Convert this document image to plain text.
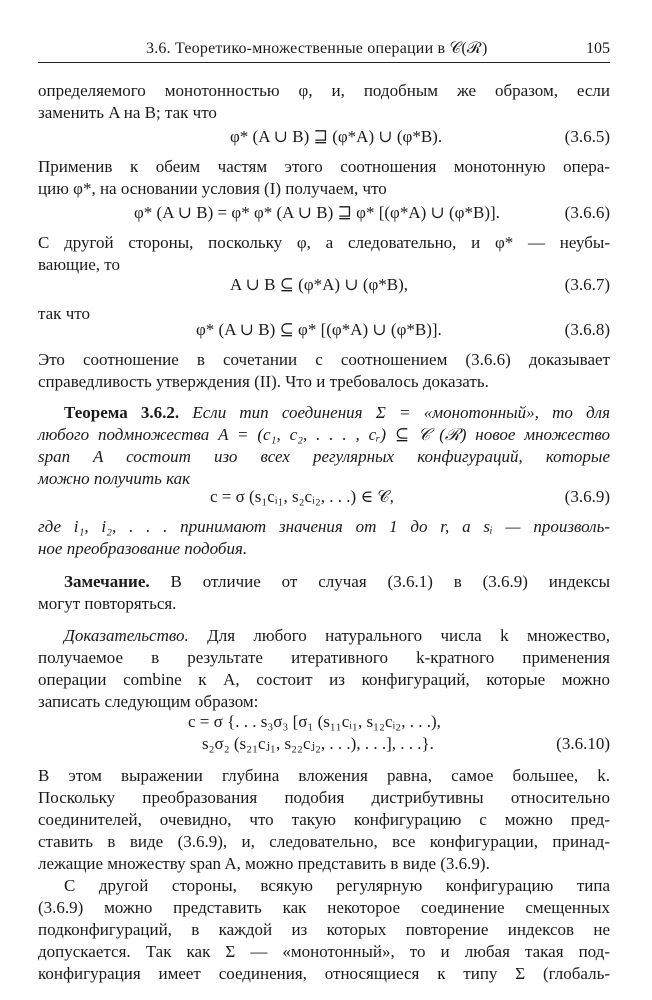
3.6. Теоретико-множественные операции в 𝒞(ℛ)	105
определяемого монотонностью φ, и, подобным же образом, если
заменить A на B; так что
φ* (A ∪ B) ⊒ (φ*A) ∪ (φ*B).	(3.6.5)
Применив к обеим частям этого соотношения монотонную опера-
цию φ*, на основании условия (I) получаем, что
φ* (A ∪ B) = φ* φ* (A ∪ B) ⊒ φ* [(φ*A) ∪ (φ*B)].	(3.6.6)
С другой стороны, поскольку φ, а следовательно, и φ* — неубы-
вающие, то
A ∪ B ⊆ (φ*A) ∪ (φ*B),	(3.6.7)
так что
φ* (A ∪ B) ⊆ φ* [(φ*A) ∪ (φ*B)].	(3.6.8)
Это соотношение в сочетании с соотношением (3.6.6) доказывает
справедливость утверждения (II). Что и требовалось доказать.
Теорема 3.6.2. Если тип соединения Σ = «монотонный», то для
любого подмножества A = (c₁, c₂, . . . , cᵣ) ⊆ 𝒞 (ℛ) новое множество
span A состоит изо всех регулярных конфигураций, которые
можно получить как
c = σ (s₁cᵢ₁, s₂cᵢ₂, . . .) ∈ 𝒞,	(3.6.9)
где i₁, i₂, . . . принимают значения от 1 до r, а sᵢ — произволь-
ное преобразование подобия.
Замечание. В отличие от случая (3.6.1) в (3.6.9) индексы
могут повторяться.
Доказательство. Для любого натурального числа k множество,
получаемое в результате итеративного k-кратного применения
операции combine к A, состоит из конфигураций, которые можно
записать следующим образом:
c = σ {. . . s₃σ₃ [σ₁ (s₁₁cᵢ₁, s₁₂cᵢ₂, . . .),
s₂σ₂ (s₂₁cⱼ₁, s₂₂cⱼ₂, . . .), . . .], . . .}.	(3.6.10)
В этом выражении глубина вложения равна, самое большее, k.
Поскольку преобразования подобия дистрибутивны относительно
соединителей, очевидно, что такую конфигурацию c можно пред-
ставить в виде (3.6.9), и, следовательно, все конфигурации, принад-
лежащие множеству span A, можно представить в виде (3.6.9).
С другой стороны, всякую регулярную конфигурацию типа
(3.6.9) можно представить как некоторое соединение смещенных
подконфигураций, в каждой из которых повторение индексов не
допускается. Так как Σ — «монотонный», то и любая такая под-
конфигурация имеет соединения, относящиеся к типу Σ (глобаль-
